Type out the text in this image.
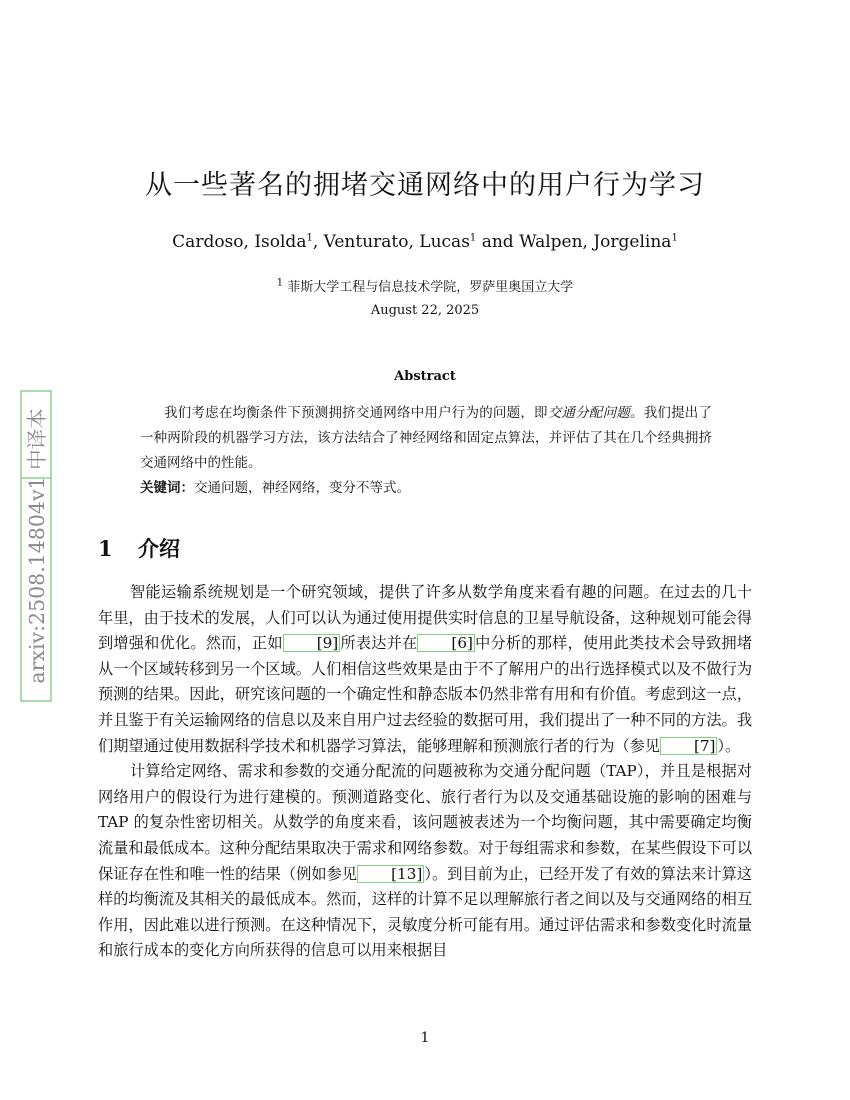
arxiv:2508.14804v1 中译本
从一些著名的拥堵交通网络中的用户行为学习
Cardoso, Isolda$^1$, Venturato, Lucas$^1$ and Walpen, Jorgelina$^1$
$^1$ 菲斯大学工程与信息技术学院，罗萨里奥国立大学
August 22, 2025
Abstract

我们考虑在均衡条件下预测拥挤交通网络中用户行为的问题，即交通分配问题。我们提出了一种两阶段的机器学习方法，该方法结合了神经网络和固定点算法，并评估了其在几个经典拥挤交通网络中的性能。

关键词：交通问题，神经网络，变分不等式。
1 介绍

智能运输系统规划是一个研究领域，提供了许多从数学角度来看有趣的问题。在过去的几十年里，由于技术的发展，人们可以认为通过使用提供实时信息的卫星导航设备，这种规划可能会得到增强和优化。然而，正如 [9] 所表达并在 [6] 中分析的那样，使用此类技术会导致拥堵从一个区域转移到另一个区域。人们相信这些效果是由于不了解用户的出行选择模式以及不做行为预测的结果。因此，研究该问题的一个确定性和静态版本仍然非常有用和有价值。考虑到这一点，并且鉴于有关运输网络的信息以及来自用户过去经验的数据可用，我们提出了一种不同的方法。我们期望通过使用数据科学技术和机器学习算法，能够理解和预测旅行者的行为（参见 [7] ）。

计算给定网络、需求和参数的交通分配流的问题被称为交通分配问题（TAP），并且是根据对网络用户的假设行为进行建模的。预测道路变化、旅行者行为以及交通基础设施的影响的困难与 TAP 的复杂性密切相关。从数学的角度来看，该问题被表述为一个均衡问题，其中需要确定均衡流量和最低成本。这种分配结果取决于需求和网络参数。对于每组需求和参数，在某些假设下可以保证存在性和唯一性的结果（例如参见 [13] ）。到目前为止，已经开发了有效的算法来计算这样的均衡流及其相关的最低成本。然而，这样的计算不足以理解旅行者之间以及与交通网络的相互作用，因此难以进行预测。在这种情况下，灵敏度分析可能有用。通过评估需求和参数变化时流量和旅行成本的变化方向所获得的信息可以用来根据目

1
